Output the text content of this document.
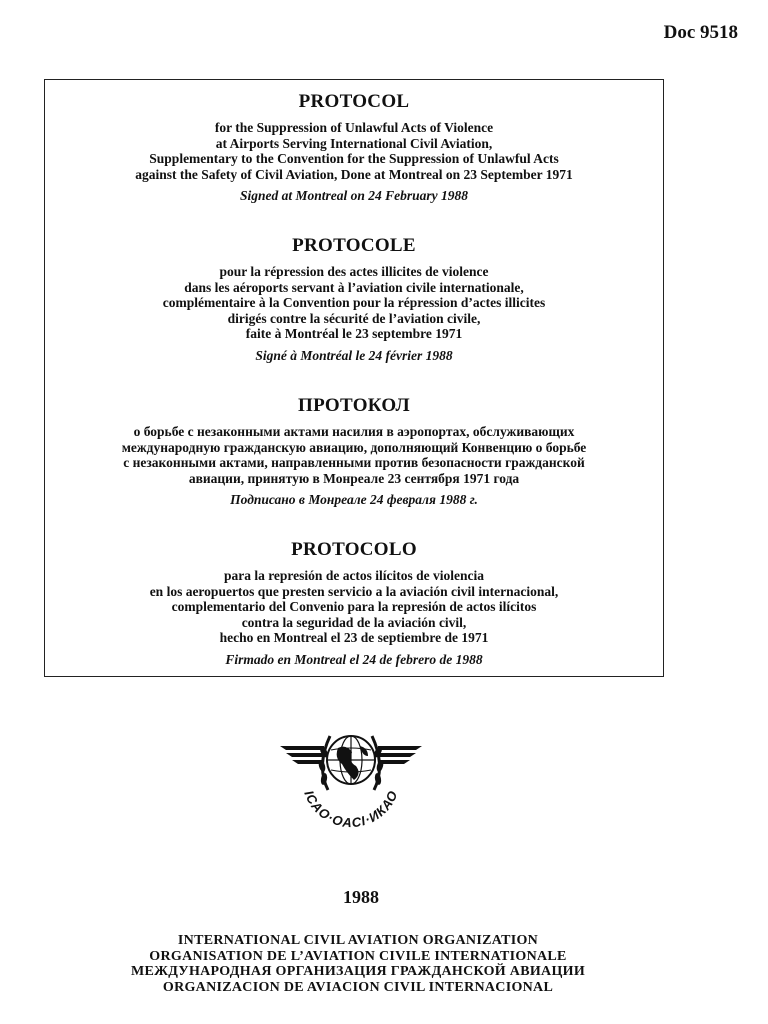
Doc 9518
PROTOCOL
for the Suppression of Unlawful Acts of Violence
at Airports Serving International Civil Aviation,
Supplementary to the Convention for the Suppression of Unlawful Acts
against the Safety of Civil Aviation, Done at Montreal on 23 September 1971
Signed at Montreal on 24 February 1988
PROTOCOLE
pour la répression des actes illicites de violence
dans les aéroports servant à l’aviation civile internationale,
complémentaire à la Convention pour la répression d’actes illicites
dirigés contre la sécurité de l’aviation civile,
faite à Montréal le 23 septembre 1971
Signé à Montréal le 24 février 1988
ПРОТОКОЛ
о борьбе с незаконными актами насилия в аэропортах, обслуживающих
международную гражданскую авиацию, дополняющий Конвенцию о борьбе
с незаконными актами, направленными против безопасности гражданской
авиации, принятую в Монреале 23 сентября 1971 года
Подписано в Монреале 24 февраля 1988 г.
PROTOCOLO
para la represión de actos ilícitos de violencia
en los aeropuertos que presten servicio a la aviación civil internacional,
complementario del Convenio para la represión de actos ilícitos
contra la seguridad de la aviación civil,
hecho en Montreal el 23 de septiembre de 1971
Firmado en Montreal el 24 de febrero de 1988
ICAO·OACI·ИКАО
1988
INTERNATIONAL CIVIL AVIATION ORGANIZATION
ORGANISATION DE L’AVIATION CIVILE INTERNATIONALE
МЕЖДУНАРОДНАЯ ОРГАНИЗАЦИЯ ГРАЖДАНСКОЙ АВИАЦИИ
ORGANIZACION DE AVIACION CIVIL INTERNACIONAL
